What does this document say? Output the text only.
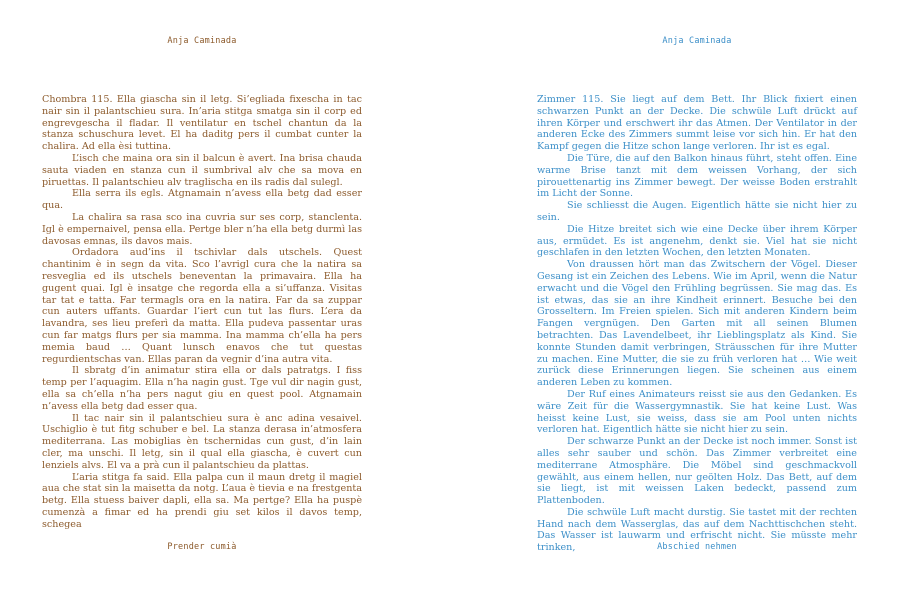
Anja Caminada

Chombra 115. Ella giascha sin il letg. Si’egliada fixescha in tac nair sin il palantschieu sura. In’aria stitga smatga sin il corp ed engrevgescha il fladar. Il ventilatur en tschel chantun da la stanza schuschura levet. El ha daditg pers il cumbat cunter la chalira. Ad ella èsi tuttina.

L’isch che maina ora sin il balcun è avert. Ina brisa chauda sauta viaden en stanza cun il sumbrival alv che sa mova en piruettas. Il palantschieu alv traglischa en ils radis dal sulegl.

Ella serra ils egls. Atgnamain n’avess ella betg dad esser qua.

La chalira sa rasa sco ina cuvria sur ses corp, stanclenta. Igl è empernaivel, pensa ella. Pertge bler n’ha ella betg durmì las davosas emnas, ils davos mais.

Ordadora aud’ins il tschivlar dals utschels. Quest chantinim è in segn da vita. Sco l’avrigl cura che la natira sa resveglia ed ils utschels beneventan la primavaira. Ella ha gugent quai. Igl è insatge che regorda ella a si’uffanza. Visitas tar tat e tatta. Far termagls ora en la natira. Far da sa zuppar cun auters uffants. Guardar l’iert cun tut las flurs. L’era da lavandra, ses lieu preferì da matta. Ella pudeva passentar uras cun far matgs flurs per sia mamma. Ina mamma ch’ella ha pers memia baud … Quant lunsch enavos che tut questas regurdientschas van. Ellas paran da vegnir d’ina autra vita.

Il sbratg d’in animatur stira ella or dals patratgs. I fiss temp per l’aquagim. Ella n’ha nagin gust. Tge vul dir nagin gust, ella sa ch’ella n’ha pers nagut giu en quest pool. Atgnamain n’avess ella betg dad esser qua.

Il tac nair sin il palantschieu sura è anc adina vesaivel. Uschiglio è tut fitg schuber e bel. La stanza derasa in’atmosfera mediterrana. Las mobiglias èn tschernidas cun gust, d’in lain cler, ma unschi. Il letg, sin il qual ella giascha, è cuvert cun lenziels alvs. El va a prà cun il palantschieu da plattas.

L’aria stitga fa said. Ella palpa cun il maun dretg il magiel aua che stat sin la maisetta da notg. L’aua è tievia e na frestgenta betg. Ella stuess baiver dapli, ella sa. Ma pertge? Ella ha puspè cumenzà a fimar ed ha prendi giu set kilos il davos temp, schegea

Prender cumià
Anja Caminada

Zimmer 115. Sie liegt auf dem Bett. Ihr Blick fixiert einen schwarzen Punkt an der Decke. Die schwüle Luft drückt auf ihren Körper und erschwert ihr das Atmen. Der Ventilator in der anderen Ecke des Zimmers summt leise vor sich hin. Er hat den Kampf gegen die Hitze schon lange verloren. Ihr ist es egal.

Die Türe, die auf den Balkon hinaus führt, steht offen. Eine warme Brise tanzt mit dem weissen Vorhang, der sich pirouettenartig ins Zimmer bewegt. Der weisse Boden erstrahlt im Licht der Sonne.

Sie schliesst die Augen. Eigentlich hätte sie nicht hier zu sein.

Die Hitze breitet sich wie eine Decke über ihrem Körper aus, ermüdet. Es ist angenehm, denkt sie. Viel hat sie nicht geschlafen in den letzten Wochen, den letzten Monaten.

Von draussen hört man das Zwitschern der Vögel. Dieser Gesang ist ein Zeichen des Lebens. Wie im April, wenn die Natur erwacht und die Vögel den Frühling begrüssen. Sie mag das. Es ist etwas, das sie an ihre Kindheit erinnert. Besuche bei den Grosseltern. Im Freien spielen. Sich mit anderen Kindern beim Fangen vergnügen. Den Garten mit all seinen Blumen betrachten. Das Lavendelbeet, ihr Lieblingsplatz als Kind. Sie konnte Stunden damit verbringen, Sträusschen für ihre Mutter zu machen. Eine Mutter, die sie zu früh verloren hat … Wie weit zurück diese Erinnerungen liegen. Sie scheinen aus einem anderen Leben zu kommen.

Der Ruf eines Animateurs reisst sie aus den Gedanken. Es wäre Zeit für die Wassergymnastik. Sie hat keine Lust. Was heisst keine Lust, sie weiss, dass sie am Pool unten nichts verloren hat. Eigentlich hätte sie nicht hier zu sein.

Der schwarze Punkt an der Decke ist noch immer. Sonst ist alles sehr sauber und schön. Das Zimmer verbreitet eine mediterrane Atmosphäre. Die Möbel sind geschmackvoll gewählt, aus einem hellen, nur geölten Holz. Das Bett, auf dem sie liegt, ist mit weissen Laken bedeckt, passend zum Plattenboden.

Die schwüle Luft macht durstig. Sie tastet mit der rechten Hand nach dem Wasserglas, das auf dem Nachttischchen steht. Das Wasser ist lauwarm und erfrischt nicht. Sie müsste mehr trinken,	Abschied nehmen
